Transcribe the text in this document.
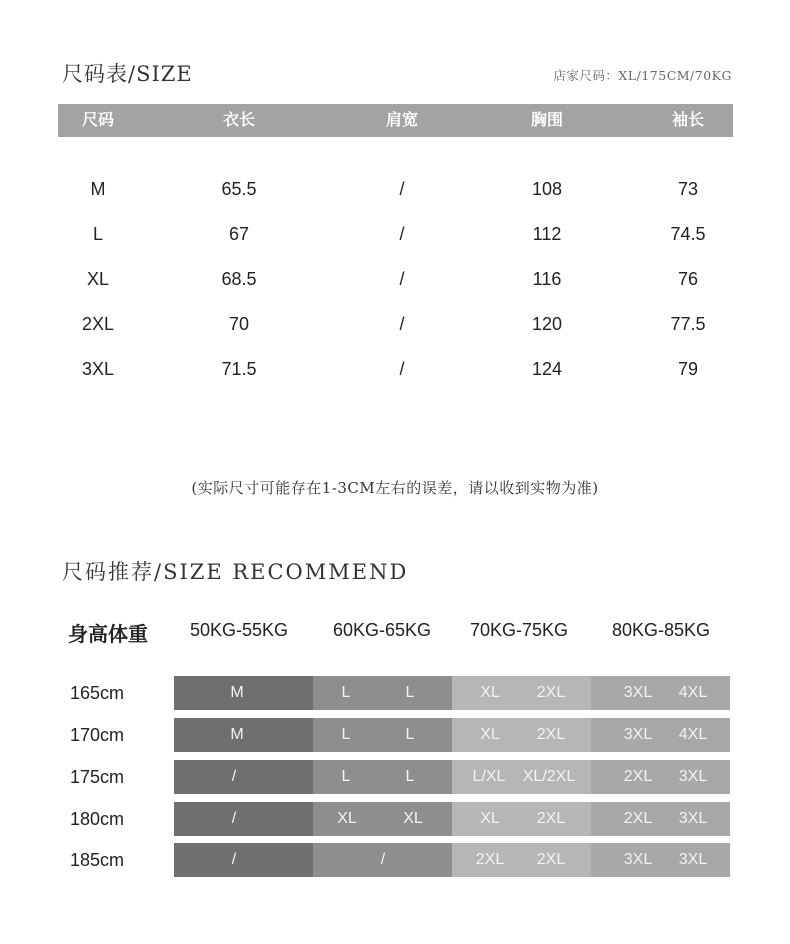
尺码表/SIZE	店家尺码：XL/175CM/70KG
尺码	衣长	肩宽	胸围	袖长
M	65.5	/	108	73
L	67	/	112	74.5
XL	68.5	/	116	76
2XL	70	/	120	77.5
3XL	71.5	/	124	79
(实际尺寸可能存在1-3CM左右的误差，请以收到实物为准)
尺码推荐/SIZE RECOMMEND
身高体重 50KG-55KG 60KG-65KG 70KG-75KG 80KG-85KG
165cm	M	L	L	XL 2XL	3XL 4XL
170cm	M	L	L	XL 2XL	3XL 4XL
175cm	/	L	L	L/XL XL/2XL	2XL 3XL
180cm	/	XL	XL	XL 2XL	2XL 3XL
185cm	/	/	2XL 2XL	3XL 3XL
